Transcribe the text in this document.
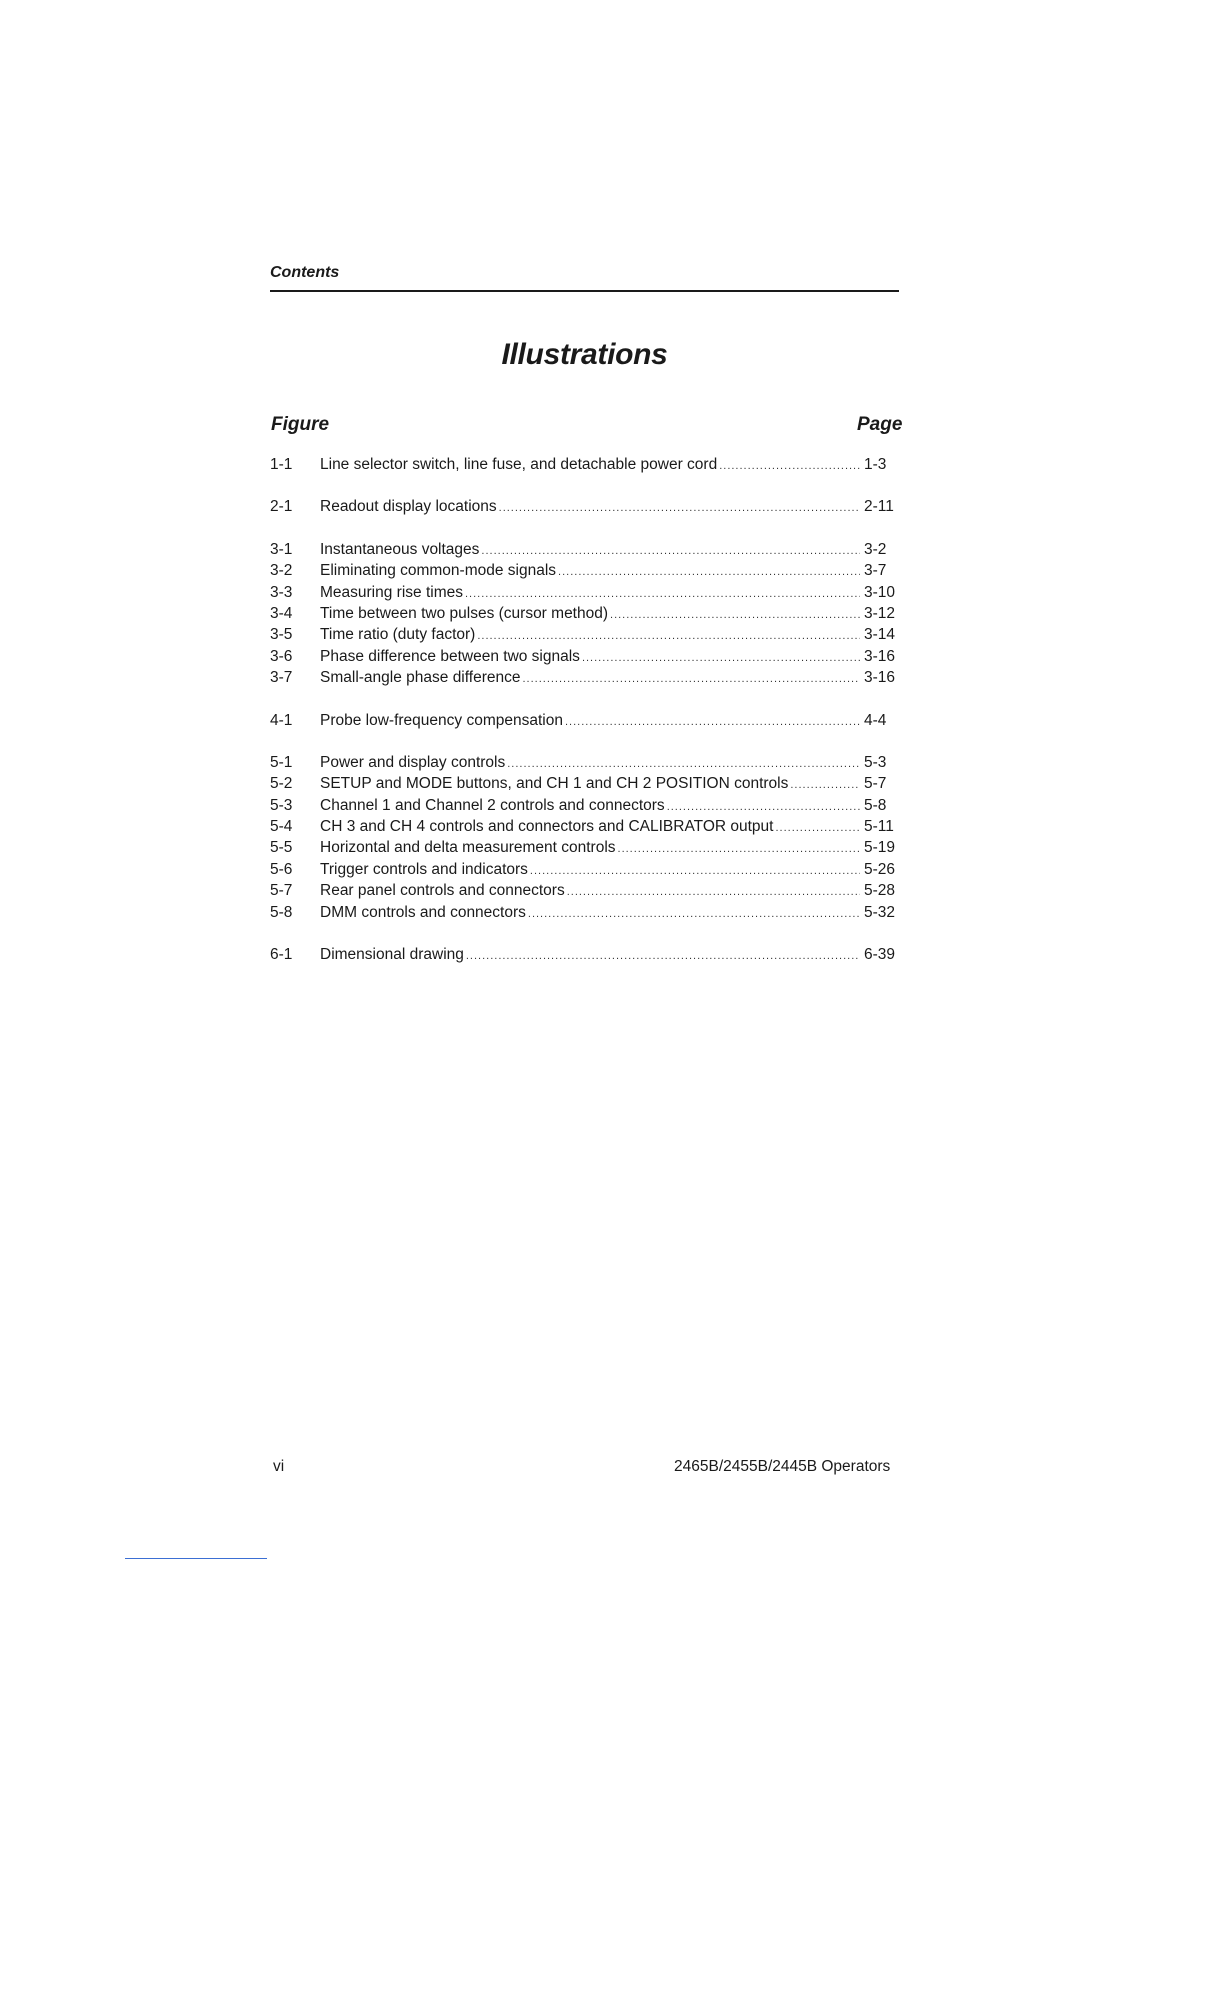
Contents
Illustrations
Figure	Page
1-1	Line selector switch, line fuse, and detachable power cord .....	1-3
2-1	Readout display locations .....	2-11
3-1	Instantaneous voltages .....	3-2
3-2	Eliminating common-mode signals .....	3-7
3-3	Measuring rise times .....	3-10
3-4	Time between two pulses (cursor method) .....	3-12
3-5	Time ratio (duty factor) .....	3-14
3-6	Phase difference between two signals .....	3-16
3-7	Small-angle phase difference .....	3-16
4-1	Probe low-frequency compensation .....	4-4
5-1	Power and display controls .....	5-3
5-2	SETUP and MODE buttons, and CH 1 and CH 2 POSITION controls .....	5-7
5-3	Channel 1 and Channel 2 controls and connectors .....	5-8
5-4	CH 3 and CH 4 controls and connectors and CALIBRATOR output .....	5-11
5-5	Horizontal and delta measurement controls .....	5-19
5-6	Trigger controls and indicators .....	5-26
5-7	Rear panel controls and connectors .....	5-28
5-8	DMM controls and connectors .....	5-32
6-1	Dimensional drawing .....	6-39
vi	2465B/2455B/2445B Operators
